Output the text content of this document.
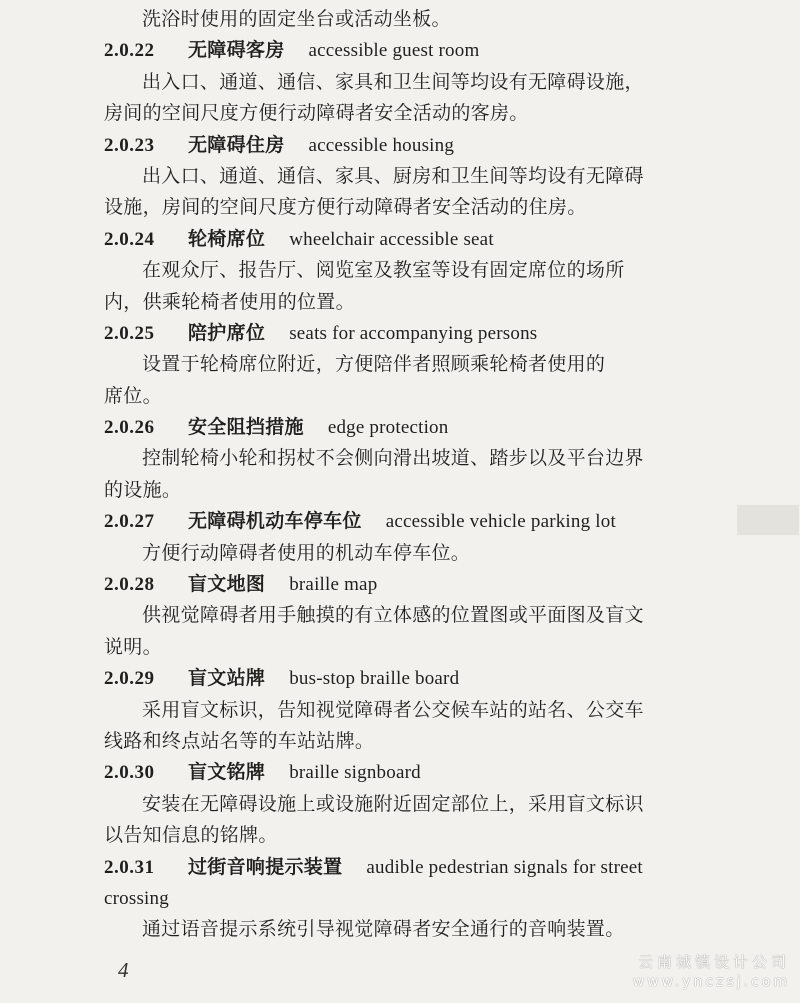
洗浴时使用的固定坐台或活动坐板。
2.0.22	无障碍客房 accessible guest room
出入口、通道、通信、家具和卫生间等均设有无障碍设施，
房间的空间尺度方便行动障碍者安全活动的客房。
2.0.23	无障碍住房 accessible housing
出入口、通道、通信、家具、厨房和卫生间等均设有无障碍
设施，房间的空间尺度方便行动障碍者安全活动的住房。
2.0.24	轮椅席位 wheelchair accessible seat
在观众厅、报告厅、阅览室及教室等设有固定席位的场所
内，供乘轮椅者使用的位置。
2.0.25	陪护席位 seats for accompanying persons
设置于轮椅席位附近，方便陪伴者照顾乘轮椅者使用的
席位。
2.0.26	安全阻挡措施 edge protection
控制轮椅小轮和拐杖不会侧向滑出坡道、踏步以及平台边界
的设施。
2.0.27	无障碍机动车停车位 accessible vehicle parking lot
方便行动障碍者使用的机动车停车位。
2.0.28	盲文地图 braille map
供视觉障碍者用手触摸的有立体感的位置图或平面图及盲文
说明。
2.0.29	盲文站牌 bus-stop braille board
采用盲文标识，告知视觉障碍者公交候车站的站名、公交车
线路和终点站名等的车站站牌。
2.0.30	盲文铭牌 braille signboard
安装在无障碍设施上或设施附近固定部位上，采用盲文标识
以告知信息的铭牌。
2.0.31	过街音响提示装置 audible pedestrian signals for street
crossing
通过语音提示系统引导视觉障碍者安全通行的音响装置。
4	云南城镇设计公司
www.ynczsj.com
